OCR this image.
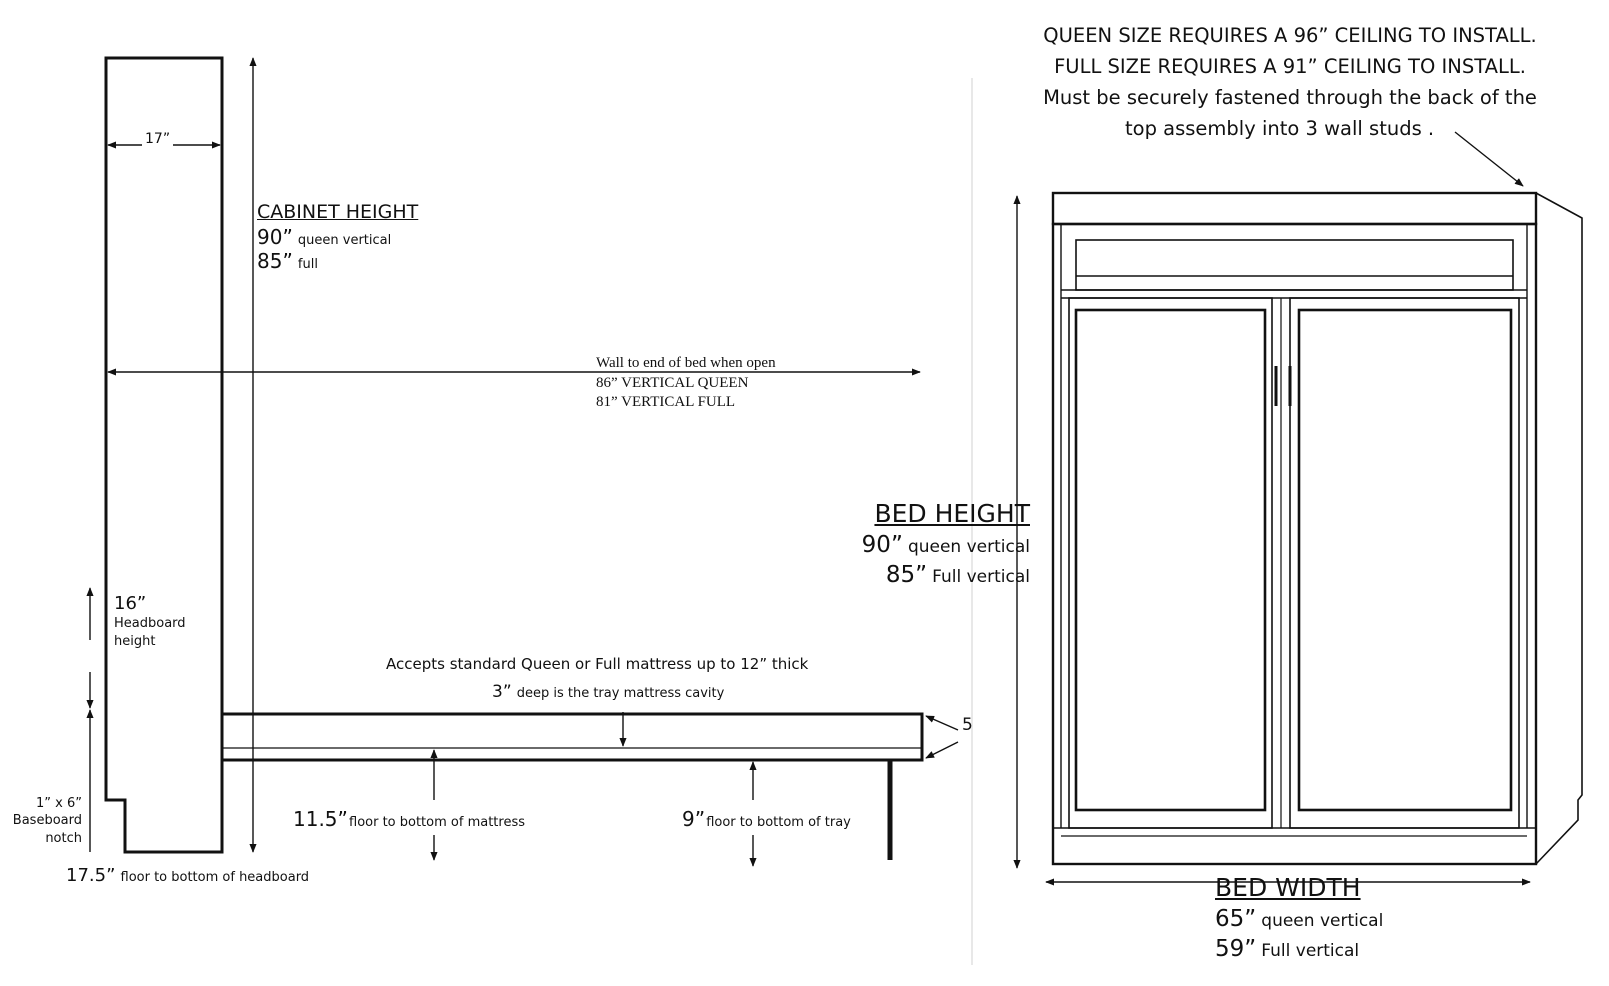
17”
CABINET HEIGHT
90” queen vertical
85” full
Wall to end of bed when open
86” VERTICAL QUEEN
81” VERTICAL FULL
16”
Headboard
height
1” x 6”
Baseboard
notch
17.5” floor to bottom of headboard
Accepts standard Queen or Full mattress up to 12” thick
3” deep is the tray mattress cavity
11.5” floor to bottom of mattress	9” floor to bottom of tray
5
QUEEN SIZE REQUIRES A 96” CEILING TO INSTALL.
FULL SIZE REQUIRES A 91” CEILING TO INSTALL.
Must be securely fastened through the back of the
top assembly into 3 wall studs .
BED HEIGHT
90” queen vertical
85” Full vertical
BED WIDTH
65” queen vertical
59” Full vertical
